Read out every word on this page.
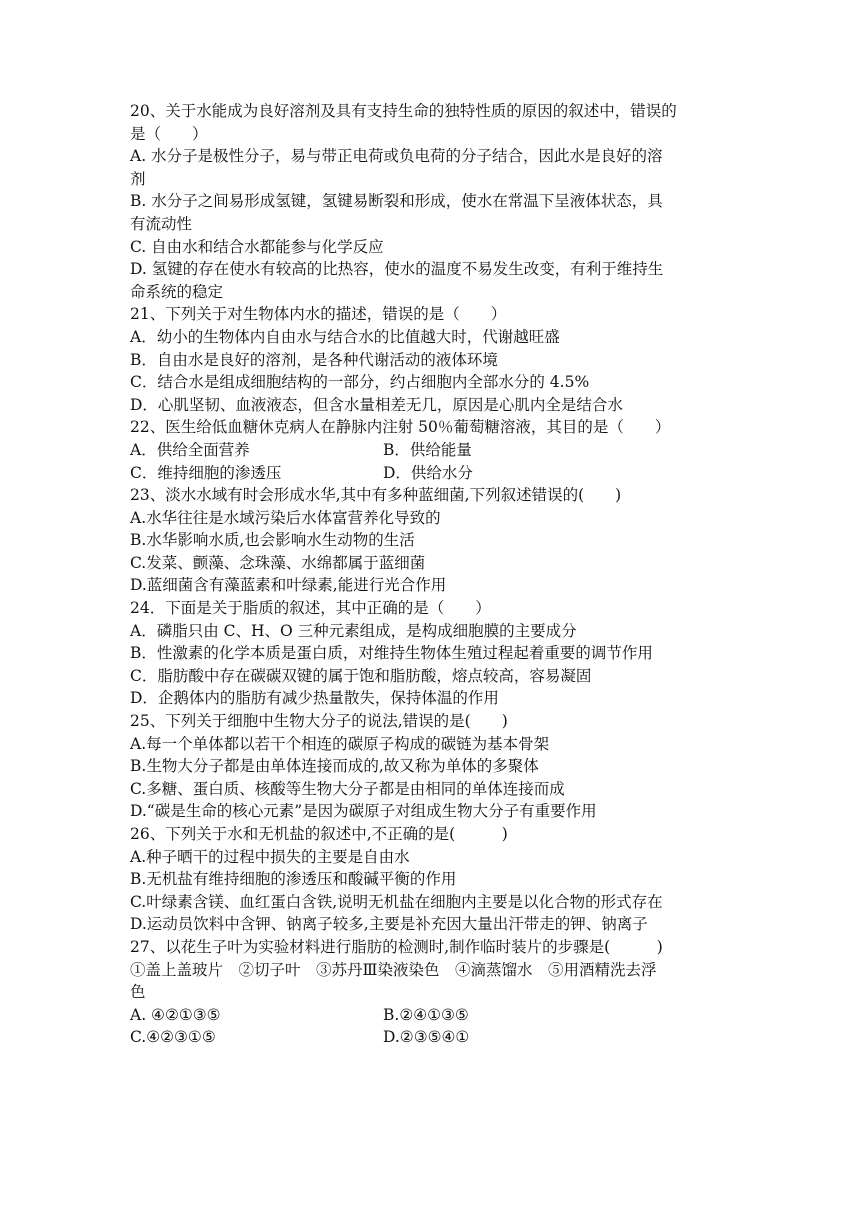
20、关于水能成为良好溶剂及具有支持生命的独特性质的原因的叙述中，错误的
是（　　）
A. 水分子是极性分子，易与带正电荷或负电荷的分子结合，因此水是良好的溶
剂
B. 水分子之间易形成氢键，氢键易断裂和形成，使水在常温下呈液体状态，具
有流动性
C. 自由水和结合水都能参与化学反应
D. 氢键的存在使水有较高的比热容，使水的温度不易发生改变，有利于维持生
命系统的稳定
21、下列关于对生物体内水的描述，错误的是（　　）
A．幼小的生物体内自由水与结合水的比值越大时，代谢越旺盛
B．自由水是良好的溶剂，是各种代谢活动的液体环境
C．结合水是组成细胞结构的一部分，约占细胞内全部水分的 4.5%
D．心肌坚韧、血液液态，但含水量相差无几，原因是心肌内全是结合水
22、医生给低血糖休克病人在静脉内注射 50％葡萄糖溶液，其目的是（　　）
A．供给全面营养	B．供给能量
C．维持细胞的渗透压	D．供给水分
23、淡水水域有时会形成水华,其中有多种蓝细菌,下列叙述错误的(　　)
A.水华往往是水域污染后水体富营养化导致的
B.水华影响水质,也会影响水生动物的生活
C.发菜、颤藻、念珠藻、水绵都属于蓝细菌
D.蓝细菌含有藻蓝素和叶绿素,能进行光合作用
24．下面是关于脂质的叙述，其中正确的是（　　）
A．磷脂只由 C、H、O 三种元素组成，是构成细胞膜的主要成分
B．性激素的化学本质是蛋白质，对维持生物体生殖过程起着重要的调节作用
C．脂肪酸中存在碳碳双键的属于饱和脂肪酸，熔点较高，容易凝固
D．企鹅体内的脂肪有减少热量散失，保持体温的作用
25、下列关于细胞中生物大分子的说法,错误的是(　　)
A.每一个单体都以若干个相连的碳原子构成的碳链为基本骨架
B.生物大分子都是由单体连接而成的,故又称为单体的多聚体
C.多糖、蛋白质、核酸等生物大分子都是由相同的单体连接而成
D.“碳是生命的核心元素”是因为碳原子对组成生物大分子有重要作用
26、下列关于水和无机盐的叙述中,不正确的是(　　　)
A.种子晒干的过程中损失的主要是自由水
B.无机盐有维持细胞的渗透压和酸碱平衡的作用
C.叶绿素含镁、血红蛋白含铁,说明无机盐在细胞内主要是以化合物的形式存在
D.运动员饮料中含钾、钠离子较多,主要是补充因大量出汗带走的钾、钠离子
27、以花生子叶为实验材料进行脂肪的检测时,制作临时装片的步骤是(　　　)
①盖上盖玻片　②切子叶　③苏丹Ⅲ染液染色　④滴蒸馏水　⑤用酒精洗去浮
色
A. ④②①③⑤	B.②④①③⑤
C.④②③①⑤	D.②③⑤④①
